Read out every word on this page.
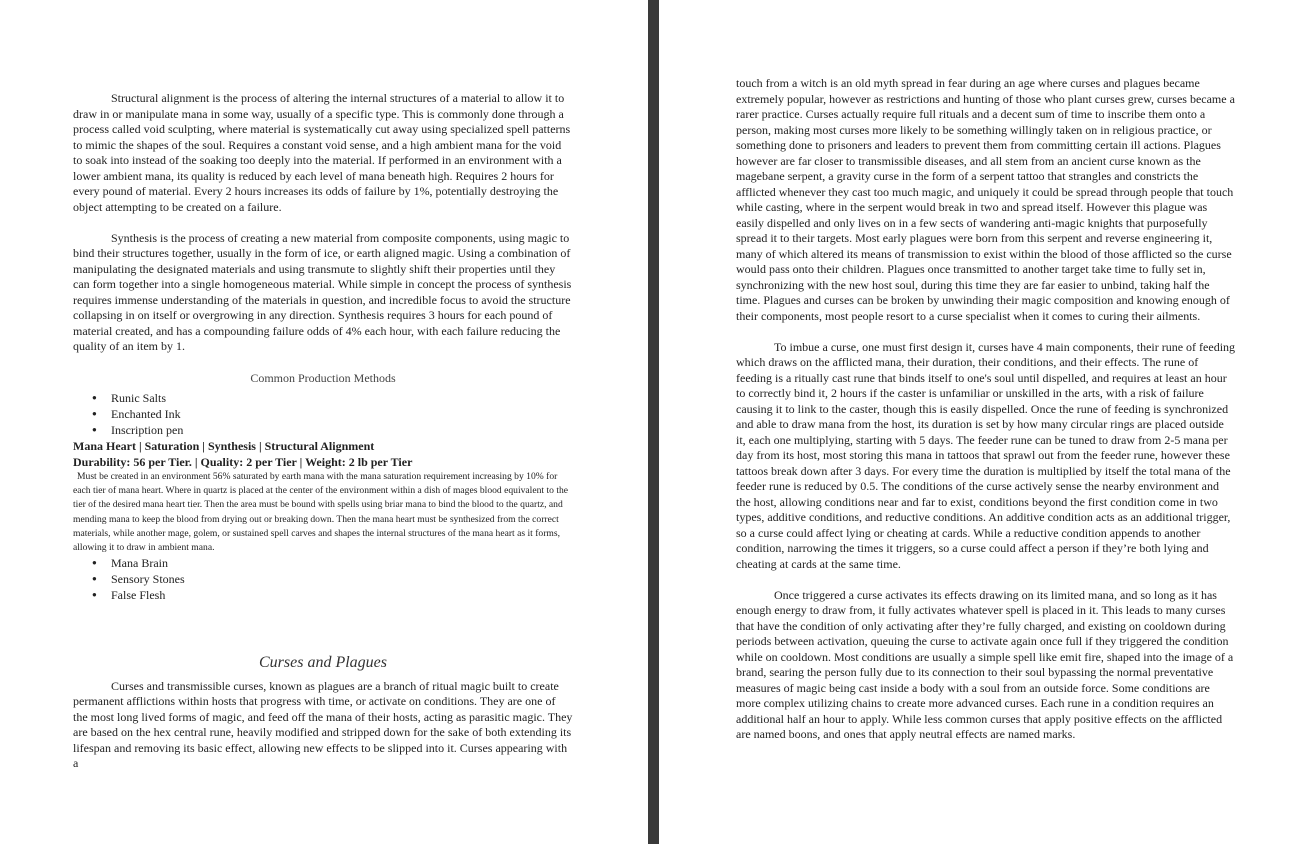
Structural alignment is the process of altering the internal structures of a material to allow it to draw in or manipulate mana in some way, usually of a specific type. This is commonly done through a process called void sculpting, where material is systematically cut away using specialized spell patterns to mimic the shapes of the soul. Requires a constant void sense, and a high ambient mana for the void to soak into instead of the soaking too deeply into the material. If performed in an environment with a lower ambient mana, its quality is reduced by each level of mana beneath high. Requires 2 hours for every pound of material. Every 2 hours increases its odds of failure by 1%, potentially destroying the object attempting to be created on a failure.

Synthesis is the process of creating a new material from composite components, using magic to bind their structures together, usually in the form of ice, or earth aligned magic. Using a combination of manipulating the designated materials and using transmute to slightly shift their properties until they can form together into a single homogeneous material. While simple in concept the process of synthesis requires immense understanding of the materials in question, and incredible focus to avoid the structure collapsing in on itself or overgrowing in any direction. Synthesis requires 3 hours for each pound of material created, and has a compounding failure odds of 4% each hour, with each failure reducing the quality of an item by 1.

Common Production Methods

● Runic Salts
● Enchanted Ink
● Inscription pen

Mana Heart | Saturation | Synthesis | Structural Alignment

Durability: 56 per Tier. | Quality: 2 per Tier | Weight: 2 lb per Tier

Must be created in an environment 56% saturated by earth mana with the mana saturation requirement increasing by 10% for each tier of mana heart. Where in quartz is placed at the center of the environment within a dish of mages blood equivalent to the tier of the desired mana heart tier. Then the area must be bound with spells using briar mana to bind the blood to the quartz, and mending mana to keep the blood from drying out or breaking down. Then the mana heart must be synthesized from the correct materials, while another mage, golem, or sustained spell carves and shapes the internal structures of the mana heart as it forms, allowing it to draw in ambient mana.

● Mana Brain
● Sensory Stones
● False Flesh

Curses and Plagues

Curses and transmissible curses, known as plagues are a branch of ritual magic built to create permanent afflictions within hosts that progress with time, or activate on conditions. They are one of the most long lived forms of magic, and feed off the mana of their hosts, acting as parasitic magic. They are based on the hex central rune, heavily modified and stripped down for the sake of both extending its lifespan and removing its basic effect, allowing new effects to be slipped into it. Curses appearing with a

touch from a witch is an old myth spread in fear during an age where curses and plagues became extremely popular, however as restrictions and hunting of those who plant curses grew, curses became a rarer practice. Curses actually require full rituals and a decent sum of time to inscribe them onto a person, making most curses more likely to be something willingly taken on in religious practice, or something done to prisoners and leaders to prevent them from committing certain ill actions. Plagues however are far closer to transmissible diseases, and all stem from an ancient curse known as the magebane serpent, a gravity curse in the form of a serpent tattoo that strangles and constricts the afflicted whenever they cast too much magic, and uniquely it could be spread through people that touch while casting, where in the serpent would break in two and spread itself. However this plague was easily dispelled and only lives on in a few sects of wandering anti-magic knights that purposefully spread it to their targets. Most early plagues were born from this serpent and reverse engineering it, many of which altered its means of transmission to exist within the blood of those afflicted so the curse would pass onto their children. Plagues once transmitted to another target take time to fully set in, synchronizing with the new host soul, during this time they are far easier to unbind, taking half the time. Plagues and curses can be broken by unwinding their magic composition and knowing enough of their components, most people resort to a curse specialist when it comes to curing their ailments.

To imbue a curse, one must first design it, curses have 4 main components, their rune of feeding which draws on the afflicted mana, their duration, their conditions, and their effects. The rune of feeding is a ritually cast rune that binds itself to one's soul until dispelled, and requires at least an hour to correctly bind it, 2 hours if the caster is unfamiliar or unskilled in the arts, with a risk of failure causing it to link to the caster, though this is easily dispelled. Once the rune of feeding is synchronized and able to draw mana from the host, its duration is set by how many circular rings are placed outside it, each one multiplying, starting with 5 days. The feeder rune can be tuned to draw from 2-5 mana per day from its host, most storing this mana in tattoos that sprawl out from the feeder rune, however these tattoos break down after 3 days. For every time the duration is multiplied by itself the total mana of the feeder rune is reduced by 0.5. The conditions of the curse actively sense the nearby environment and the host, allowing conditions near and far to exist, conditions beyond the first condition come in two types, additive conditions, and reductive conditions. An additive condition acts as an additional trigger, so a curse could affect lying or cheating at cards. While a reductive condition appends to another condition, narrowing the times it triggers, so a curse could affect a person if they’re both lying and cheating at cards at the same time.

Once triggered a curse activates its effects drawing on its limited mana, and so long as it has enough energy to draw from, it fully activates whatever spell is placed in it. This leads to many curses that have the condition of only activating after they’re fully charged, and existing on cooldown during periods between activation, queuing the curse to activate again once full if they triggered the condition while on cooldown. Most conditions are usually a simple spell like emit fire, shaped into the image of a brand, searing the person fully due to its connection to their soul bypassing the normal preventative measures of magic being cast inside a body with a soul from an outside force. Some conditions are more complex utilizing chains to create more advanced curses. Each rune in a condition requires an additional half an hour to apply. While less common curses that apply positive effects on the afflicted are named boons, and ones that apply neutral effects are named marks.
